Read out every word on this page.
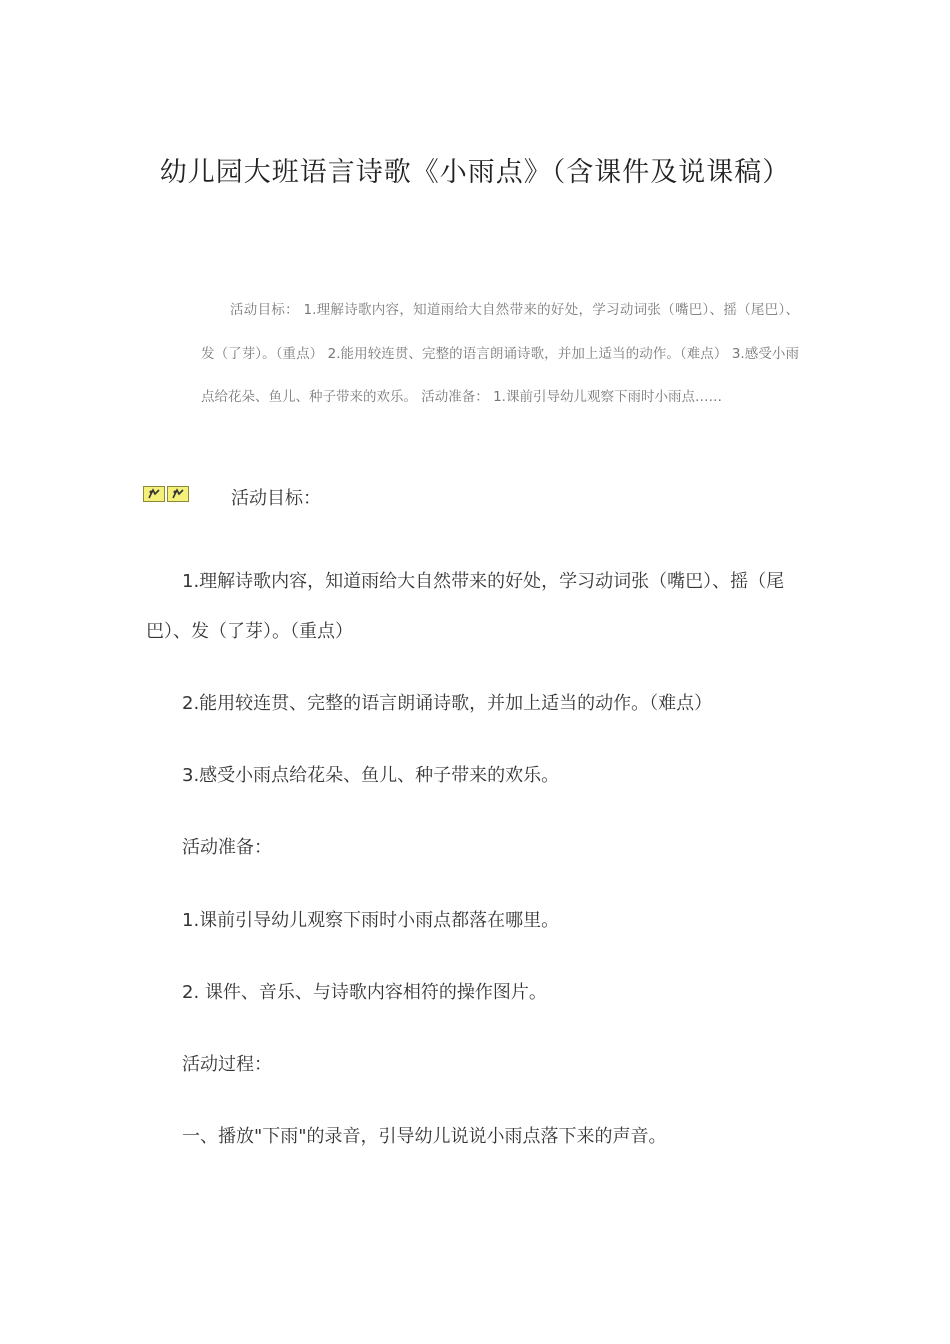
幼儿园大班语言诗歌《小雨点》（含课件及说课稿）

活动目标： 1.理解诗歌内容，知道雨给大自然带来的好处，学习动词张（嘴巴）、摇（尾巴）、发（了芽）。（重点） 2.能用较连贯、完整的语言朗诵诗歌，并加上适当的动作。（难点） 3.感受小雨点给花朵、鱼儿、种子带来的欢乐。 活动准备： 1.课前引导幼儿观察下雨时小雨点……

活动目标：

1.理解诗歌内容，知道雨给大自然带来的好处，学习动词张（嘴巴）、摇（尾巴）、发（了芽）。（重点）

2.能用较连贯、完整的语言朗诵诗歌，并加上适当的动作。（难点）

3.感受小雨点给花朵、鱼儿、种子带来的欢乐。

活动准备：

1.课前引导幼儿观察下雨时小雨点都落在哪里。

2. 课件、音乐、与诗歌内容相符的操作图片。

活动过程：

一、播放"下雨"的录音，引导幼儿说说小雨点落下来的声音。
